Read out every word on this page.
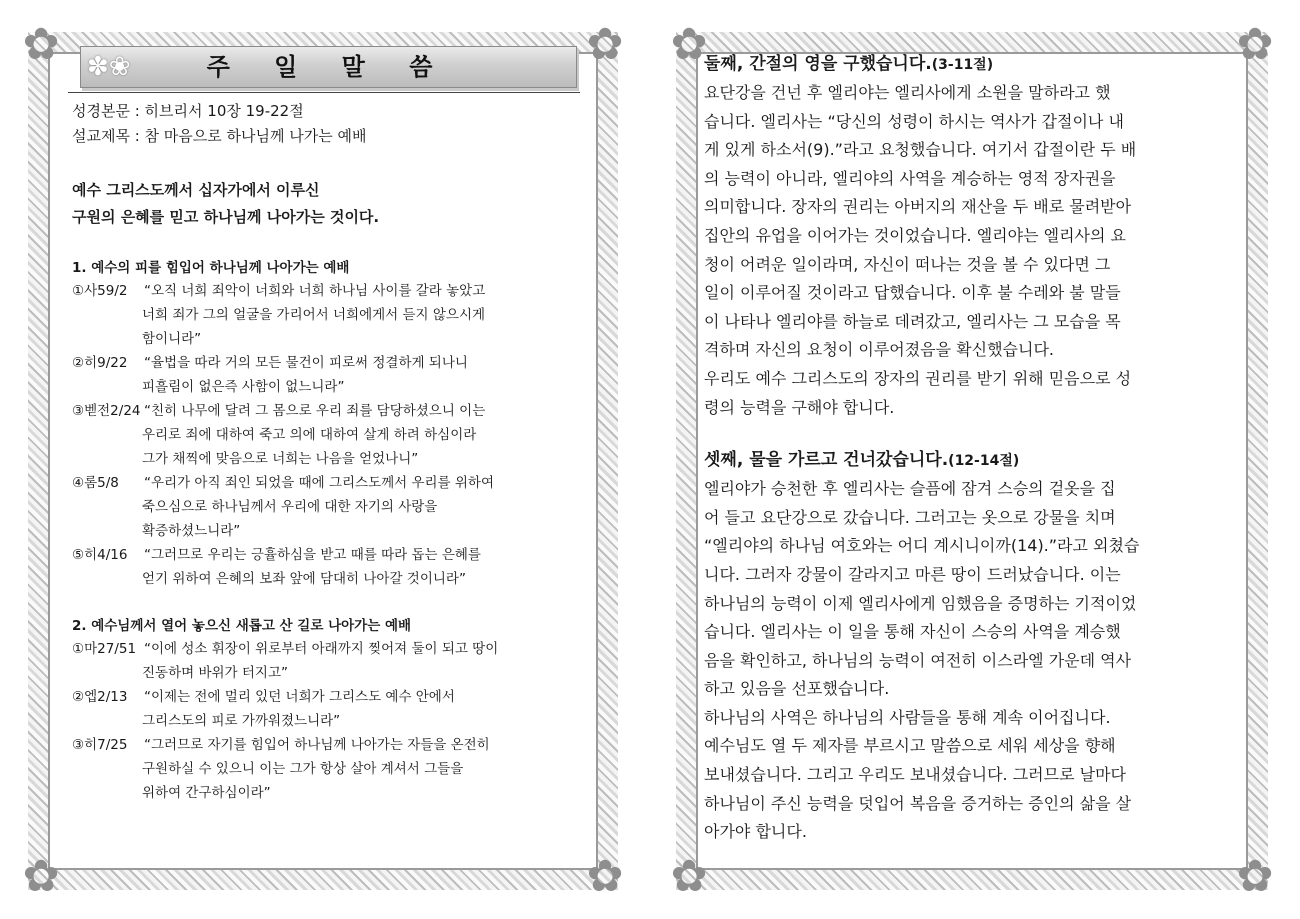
✿	✿
✿	✿
✽❀	주 일 말 씀
성경본문 : 히브리서 10장 19-22절
설교제목 : 참 마음으로 하나님께 나가는 예배
예수 그리스도께서 십자가에서 이루신
구원의 은혜를 믿고 하나님께 나아가는 것이다.
1. 예수의 피를 힘입어 하나님께 나아가는 예배
①사59/2 “오직 너희 죄악이 너희와 너희 하나님 사이를 갈라 놓았고
너희 죄가 그의 얼굴을 가리어서 너희에게서 듣지 않으시게
함이니라”
②히9/22 “율법을 따라 거의 모든 물건이 피로써 정결하게 되나니
피흘림이 없은즉 사함이 없느니라”
③벧전2/24 “친히 나무에 달려 그 몸으로 우리 죄를 담당하셨으니 이는
우리로 죄에 대하여 죽고 의에 대하여 살게 하려 하심이라
그가 채찍에 맞음으로 너희는 나음을 얻었나니”
④롬5/8 “우리가 아직 죄인 되었을 때에 그리스도께서 우리를 위하여
죽으심으로 하나님께서 우리에 대한 자기의 사랑을
확증하셨느니라”
⑤히4/16 “그러므로 우리는 긍휼하심을 받고 때를 따라 돕는 은혜를
얻기 위하여 은혜의 보좌 앞에 담대히 나아갈 것이니라”
2. 예수님께서 열어 놓으신 새롭고 산 길로 나아가는 예배
①마27/51 “이에 성소 휘장이 위로부터 아래까지 찢어져 둘이 되고 땅이
진동하며 바위가 터지고”
②엡2/13 “이제는 전에 멀리 있던 너희가 그리스도 예수 안에서
그리스도의 피로 가까워졌느니라”
③히7/25 “그러므로 자기를 힘입어 하나님께 나아가는 자들을 온전히
구원하실 수 있으니 이는 그가 항상 살아 계셔서 그들을
위하여 간구하심이라”
✿	✿
✿	✿
둘째, 간절의 영을 구했습니다.(3-11절)
요단강을 건넌 후 엘리야는 엘리사에게 소원을 말하라고 했
습니다. 엘리사는 “당신의 성령이 하시는 역사가 갑절이나 내
게 있게 하소서(9).”라고 요청했습니다. 여기서 갑절이란 두 배
의 능력이 아니라, 엘리야의 사역을 계승하는 영적 장자권을
의미합니다. 장자의 권리는 아버지의 재산을 두 배로 물려받아
집안의 유업을 이어가는 것이었습니다. 엘리야는 엘리사의 요
청이 어려운 일이라며, 자신이 떠나는 것을 볼 수 있다면 그
일이 이루어질 것이라고 답했습니다. 이후 불 수레와 불 말들
이 나타나 엘리야를 하늘로 데려갔고, 엘리사는 그 모습을 목
격하며 자신의 요청이 이루어졌음을 확신했습니다.
우리도 예수 그리스도의 장자의 권리를 받기 위해 믿음으로 성
령의 능력을 구해야 합니다.
셋째, 물을 가르고 건너갔습니다.(12-14절)
엘리야가 승천한 후 엘리사는 슬픔에 잠겨 스승의 겉옷을 집
어 들고 요단강으로 갔습니다. 그러고는 옷으로 강물을 치며
“엘리야의 하나님 여호와는 어디 계시니이까(14).”라고 외쳤습
니다. 그러자 강물이 갈라지고 마른 땅이 드러났습니다. 이는
하나님의 능력이 이제 엘리사에게 임했음을 증명하는 기적이었
습니다. 엘리사는 이 일을 통해 자신이 스승의 사역을 계승했
음을 확인하고, 하나님의 능력이 여전히 이스라엘 가운데 역사
하고 있음을 선포했습니다.
하나님의 사역은 하나님의 사람들을 통해 계속 이어집니다.
예수님도 열 두 제자를 부르시고 말씀으로 세워 세상을 향해
보내셨습니다. 그리고 우리도 보내셨습니다. 그러므로 날마다
하나님이 주신 능력을 덧입어 복음을 증거하는 증인의 삶을 살
아가야 합니다.
